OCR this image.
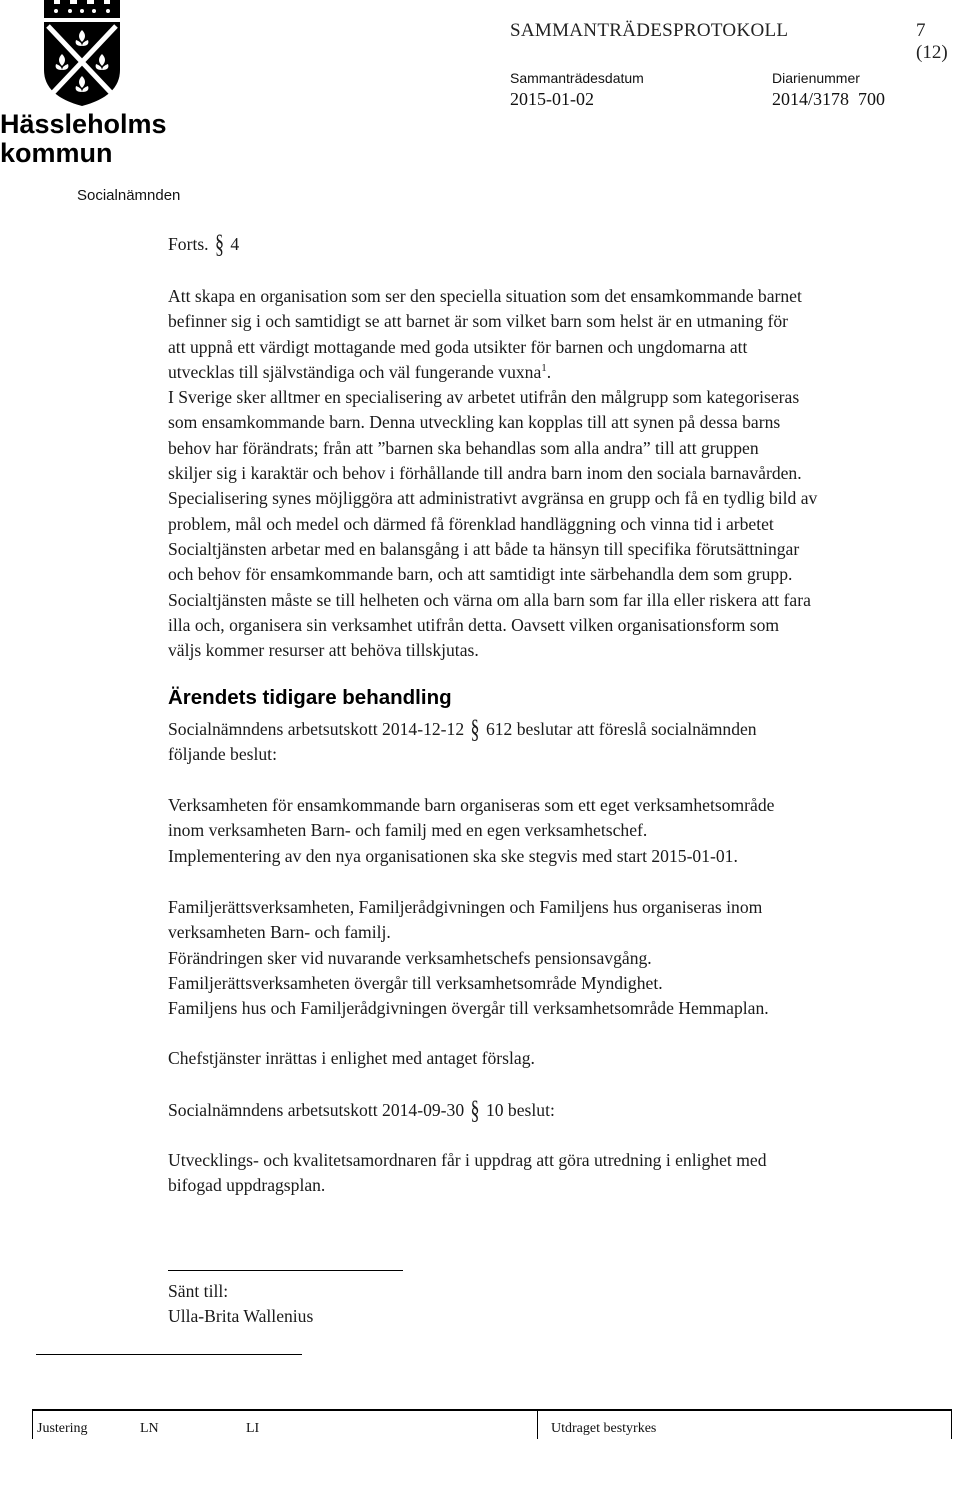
Hässleholms
kommun
SAMMANTRÄDESPROTOKOLL	7 (12)
Sammanträdesdatum
2015-01-02
Diarienummer
2014/3178  700
Socialnämnden
Forts. § 4

Att skapa en organisation som ser den speciella situation som det ensamkommande barnet

befinner sig i och samtidigt se att barnet är som vilket barn som helst är en utmaning för

att uppnå ett värdigt mottagande med goda utsikter för barnen och ungdomarna att

utvecklas till självständiga och väl fungerande vuxna$^1$.

I Sverige sker alltmer en specialisering av arbetet utifrån den målgrupp som kategoriseras

som ensamkommande barn. Denna utveckling kan kopplas till att synen på dessa barns

behov har förändrats; från att ”barnen ska behandlas som alla andra” till att gruppen

skiljer sig i karaktär och behov i förhållande till andra barn inom den sociala barnavården.

Specialisering synes möjliggöra att administrativt avgränsa en grupp och få en tydlig bild av

problem, mål och medel och därmed få förenklad handläggning och vinna tid i arbetet

Socialtjänsten arbetar med en balansgång i att både ta hänsyn till specifika förutsättningar

och behov för ensamkommande barn, och att samtidigt inte särbehandla dem som grupp.

Socialtjänsten måste se till helheten och värna om alla barn som far illa eller riskera att fara

illa och, organisera sin verksamhet utifrån detta. Oavsett vilken organisationsform som

väljs kommer resurser att behöva tillskjutas.

Ärendets tidigare behandling

Socialnämndens arbetsutskott 2014-12-12 § 612 beslutar att föreslå socialnämnden

följande beslut:

Verksamheten för ensamkommande barn organiseras som ett eget verksamhetsområde

inom verksamheten Barn- och familj med en egen verksamhetschef.

Implementering av den nya organisationen ska ske stegvis med start 2015-01-01.

Familjerättsverksamheten, Familjerådgivningen och Familjens hus organiseras inom

verksamheten Barn- och familj.

Förändringen sker vid nuvarande verksamhetschefs pensionsavgång.

Familjerättsverksamheten övergår till verksamhetsområde Myndighet.

Familjens hus och Familjerådgivningen övergår till verksamhetsområde Hemmaplan.

Chefstjänster inrättas i enlighet med antaget förslag.

Socialnämndens arbetsutskott 2014-09-30 § 10 beslut:

Utvecklings- och kvalitetsamordnaren får i uppdrag att göra utredning i enlighet med

bifogad uppdragsplan.

Sänt till:
Ulla-Brita Wallenius
Justering	LN	LI	Utdraget bestyrkes
